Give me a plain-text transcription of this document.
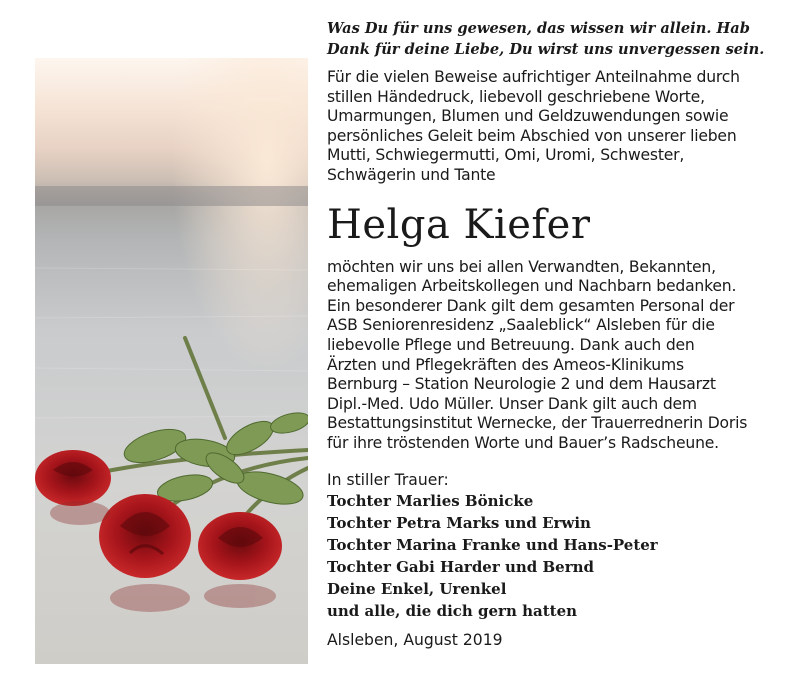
Was Du für uns gewesen, das wissen wir allein. Hab
Dank für deine Liebe, Du wirst uns unvergessen sein.

Für die vielen Beweise aufrichtiger Anteilnahme durch

stillen Händedruck, liebevoll geschriebene Worte,

Umarmungen, Blumen und Geldzuwendungen sowie

persönliches Geleit beim Abschied von unserer lieben

Mutti, Schwiegermutti, Omi, Uromi, Schwester,

Schwägerin und Tante

Helga Kiefer

möchten wir uns bei allen Verwandten, Bekannten,

ehemaligen Arbeitskollegen und Nachbarn bedanken.

Ein besonderer Dank gilt dem gesamten Personal der

ASB Seniorenresidenz „Saaleblick“ Alsleben für die

liebevolle Pflege und Betreuung. Dank auch den

Ärzten und Pflegekräften des Ameos-Klinikums

Bernburg – Station Neurologie 2 und dem Hausarzt

Dipl.-Med. Udo Müller. Unser Dank gilt auch dem

Bestattungsinstitut Wernecke, der Trauerrednerin Doris

für ihre tröstenden Worte und Bauer’s Radscheune.

In stiller Trauer:

Tochter Marlies Bönicke

Tochter Petra Marks und Erwin

Tochter Marina Franke und Hans-Peter

Tochter Gabi Harder und Bernd

Deine Enkel, Urenkel

und alle, die dich gern hatten

Alsleben, August 2019
